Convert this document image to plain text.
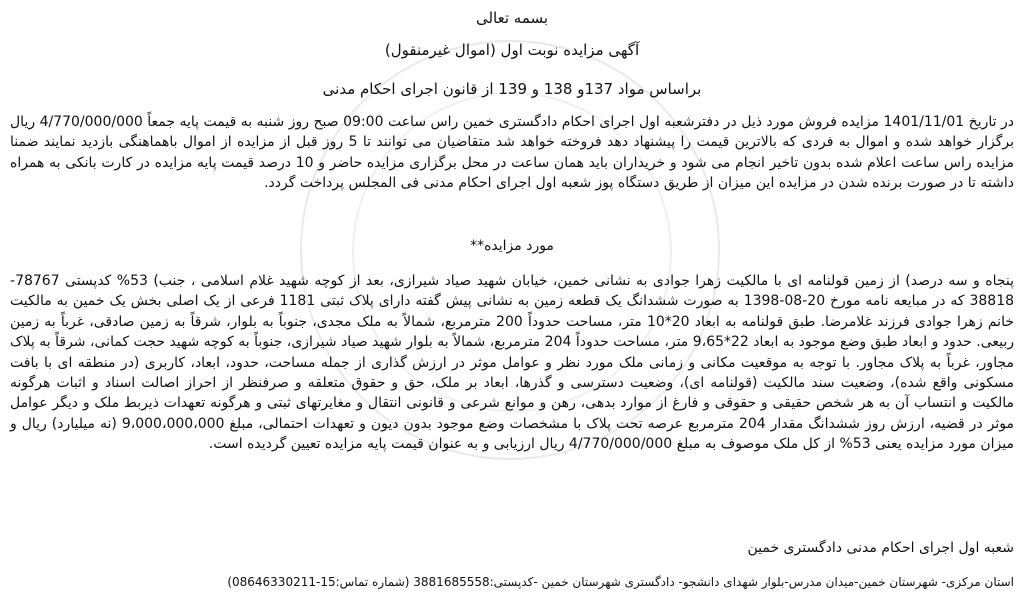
بسمه تعالی
آگهی مزایده نوبت اول (اموال غیرمنقول)
براساس مواد 137و 138 و 139 از قانون اجرای احکام مدنی

در تاریخ 1401/11/01 مزایده فروش مورد ذیل در دفترشعبه اول اجرای احکام دادگستری خمین راس ساعت 09:00 صبح روز شنبه به قیمت پایه جمعاً 4/770/000/000 ریال برگزار خواهد شده و اموال به فردی که بالاترین قیمت را پیشنهاد دهد فروخته خواهد شد متقاضیان می توانند تا 5 روز قبل از مزایده از اموال باهماهنگی بازدید نمایند ضمنا مزایده راس ساعت اعلام شده بدون تاخیر انجام می شود و خریداران باید همان ساعت در محل برگزاری مزایده حاضر و 10 درصد قیمت پایه مزایده در کارت بانکی به همراه داشته تا در صورت برنده شدن در مزایده این میزان از طریق دستگاه پوز شعبه اول اجرای احکام مدنی فی المجلس پرداخت گردد.

مورد مزایده**

پنجاه و سه درصد) از زمین قولنامه ای با مالکیت زهرا جوادی به نشانی خمین، خیابان شهید صیاد شیرازی، بعد از کوچه شهید غلام اسلامی ، جنب) 53% کدپستی 78767-38818 که در مبایعه نامه مورخ 20-08-1398 به صورت ششدانگ یک قطعه زمین به نشانی پیش گفته دارای پلاک ثبتی 1181 فرعی از یک اصلی بخش یک خمین به مالکیت خانم زهرا جوادی فرزند غلامرضا. طبق قولنامه به ابعاد 20*10 متر، مساحت حدوداً 200 مترمربع، شمالاً به ملک مجدی، جنوباً به بلوار، شرقاً به زمین صادقی، غرباً به زمین ربیعی. حدود و ابعاد طبق وضع موجود به ابعاد 22*9،65 متر، مساحت حدوداً 204 مترمربع، شمالاً به بلوار شهید صیاد شیرازی، جنوباً به کوچه شهید حجت کمانی، شرقاً به پلاک مجاور، غرباً به پلاک مجاور. با توجه به موقعیت مکانی و زمانی ملک مورد نظر و عوامل موثر در ارزش گذاری از جمله مساحت، حدود، ابعاد، کاربری (در منطقه ای با بافت مسکونی واقع شده)، وضعیت سند مالکیت (قولنامه ای)، وضعیت دسترسی و گذرها، ابعاد بر ملک، حق و حقوق متعلقه و صرفنظر از احراز اصالت اسناد و اثبات هرگونه مالکیت و انتساب آن به هر شخص حقیقی و حقوقی و فارغ از موارد بدهی، رهن و موانع شرعی و قانونی انتقال و مغایرتهای ثبتی و هرگونه تعهدات ذیربط ملک و دیگر عوامل موثر در قضیه، ارزش روز ششدانگ مقدار 204 مترمربع عرصه تحت پلاک با مشخصات وضع موجود بدون دیون و تعهدات احتمالی، مبلغ 9،000،000،000 (نه میلیارد) ریال و میزان مورد مزایده یعنی 53% از کل ملک موصوف به مبلغ 4/770/000/000 ریال ارزیابی و به عنوان قیمت پایه مزایده تعیین گردیده است.

شعبه اول اجرای احکام مدنی دادگستری خمین
استان مرکزی- شهرستان خمین-میدان مدرس-بلوار شهدای دانشجو- دادگستری شهرستان خمین -کدپستی:3881685558 (شماره تماس:15-08646330211)
